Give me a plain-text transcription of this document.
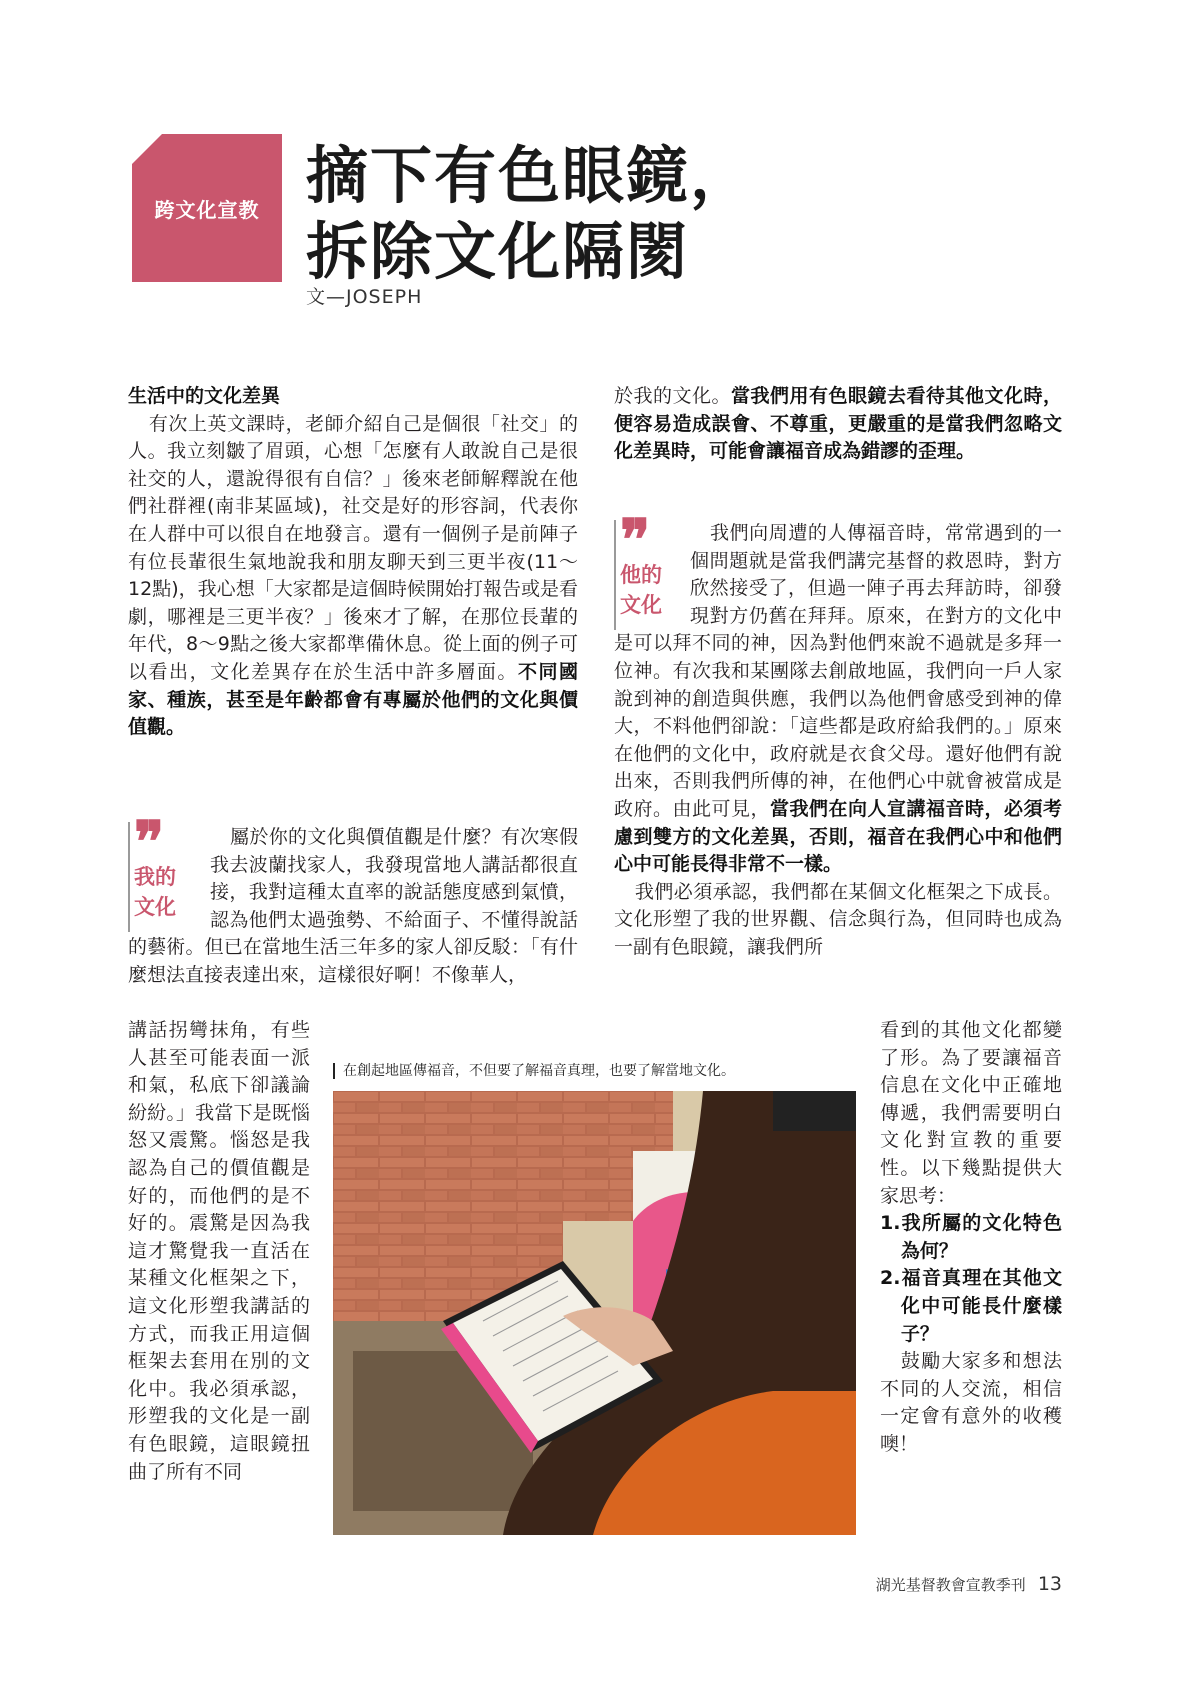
跨文化宣教 摘下有色眼鏡，
拆除文化隔閡
文—JOSEPH

生活中的文化差異

有次上英文課時，老師介紹自己是個很「社交」的人。我立刻皺了眉頭，心想「怎麼有人敢說自己是很社交的人，還說得很有自信？」後來老師解釋說在他們社群裡(南非某區域)，社交是好的形容詞，代表你在人群中可以很自在地發言。還有一個例子是前陣子有位長輩很生氣地說我和朋友聊天到三更半夜(11～12點)，我心想「大家都是這個時候開始打報告或是看劇，哪裡是三更半夜？」後來才了解，在那位長輩的年代，8～9點之後大家都準備休息。從上面的例子可以看出，文化差異存在於生活中許多層面。不同國家、種族，甚至是年齡都會有專屬於他們的文化與價值觀。

❞
我的
文化

屬於你的文化與價值觀是什麼？有次寒假我去波蘭找家人，我發現當地人講話都很直接，我對這種太直率的說話態度感到氣憤，認為他們太過強勢、不給面子、不懂得說話的藝術。但已在當地生活三年多的家人卻反駁：「有什麼想法直接表達出來，這樣很好啊！不像華人，

講話拐彎抹角，有些人甚至可能表面一派和氣，私底下卻議論紛紛。」我當下是既惱怒又震驚。惱怒是我認為自己的價值觀是好的，而他們的是不好的。震驚是因為我這才驚覺我一直活在某種文化框架之下，這文化形塑我講話的方式，而我正用這個框架去套用在別的文化中。我必須承認，形塑我的文化是一副有色眼鏡，這眼鏡扭曲了所有不同

於我的文化。當我們用有色眼鏡去看待其他文化時，便容易造成誤會、不尊重，更嚴重的是當我們忽略文化差異時，可能會讓福音成為錯謬的歪理。

❞
他的
文化

我們向周遭的人傳福音時，常常遇到的一個問題就是當我們講完基督的救恩時，對方欣然接受了，但過一陣子再去拜訪時，卻發現對方仍舊在拜拜。原來，在對方的文化中是可以拜不同的神，因為對他們來說不過就是多拜一位神。有次我和某團隊去創啟地區，我們向一戶人家說到神的創造與供應，我們以為他們會感受到神的偉大，不料他們卻說：「這些都是政府給我們的。」原來在他們的文化中，政府就是衣食父母。還好他們有說出來，否則我們所傳的神，在他們心中就會被當成是政府。由此可見，當我們在向人宣講福音時，必須考慮到雙方的文化差異，否則，福音在我們心中和他們心中可能長得非常不一樣。

我們必須承認，我們都在某個文化框架之下成長。文化形塑了我的世界觀、信念與行為，但同時也成為一副有色眼鏡，讓我們所

看到的其他文化都變了形。為了要讓福音信息在文化中正確地傳遞，我們需要明白文化對宣教的重要性。以下幾點提供大家思考：

1.我所屬的文化特色為何？

2.福音真理在其他文化中可能長什麼樣子？

鼓勵大家多和想法不同的人交流，相信一定會有意外的收穫噢！

在創起地區傳福音，不但要了解福音真理，也要了解當地文化。
湖光基督教會宣教季刊 13
